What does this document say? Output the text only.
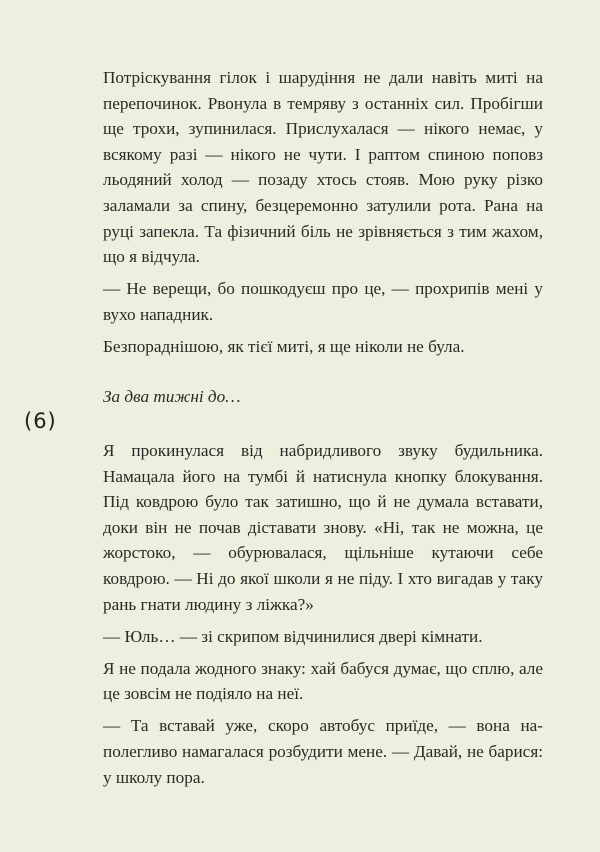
Потріскування гілок і шарудіння не дали навіть миті на перепочинок. Рвонула в темряву з останніх сил. Пробігши ще трохи, зупинилася. Прислухалася — нікого немає, у всякому разі — нікого не чути. І раптом спиною поповз льодяний холод — позаду хтось стояв. Мою руку різко заламали за спину, безцеремонно затулили рота. Рана на руці запекла. Та фізичний біль не зрівняється з тим жахом, що я відчула.

— Не верещи, бо пошкодуєш про це, — прохрипів мені у вухо нападник.

Безпораднішою, як тієї миті, я ще ніколи не була.

За два тижні до…
(6)

Я прокинулася від набридливого звуку будильника. Намацала його на тумбі й натиснула кнопку блокування. Під ковдрою було так затишно, що й не думала вставати, доки він не почав діставати знову. «Ні, так не можна, це жорстоко, — обурювалася, щільніше кутаючи себе ковдрою. — Ні до якої школи я не піду. І хто вигадав у таку рань гнати людину з ліжка?»

— Юль… — зі скрипом відчинилися двері кімнати.

Я не подала жодного знаку: хай бабуся думає, що сплю, але це зовсім не подіяло на неї.

— Та вставай уже, скоро автобус приїде, — вона наполегливо намагалася розбудити мене. — Давай, не барися: у школу пора.
